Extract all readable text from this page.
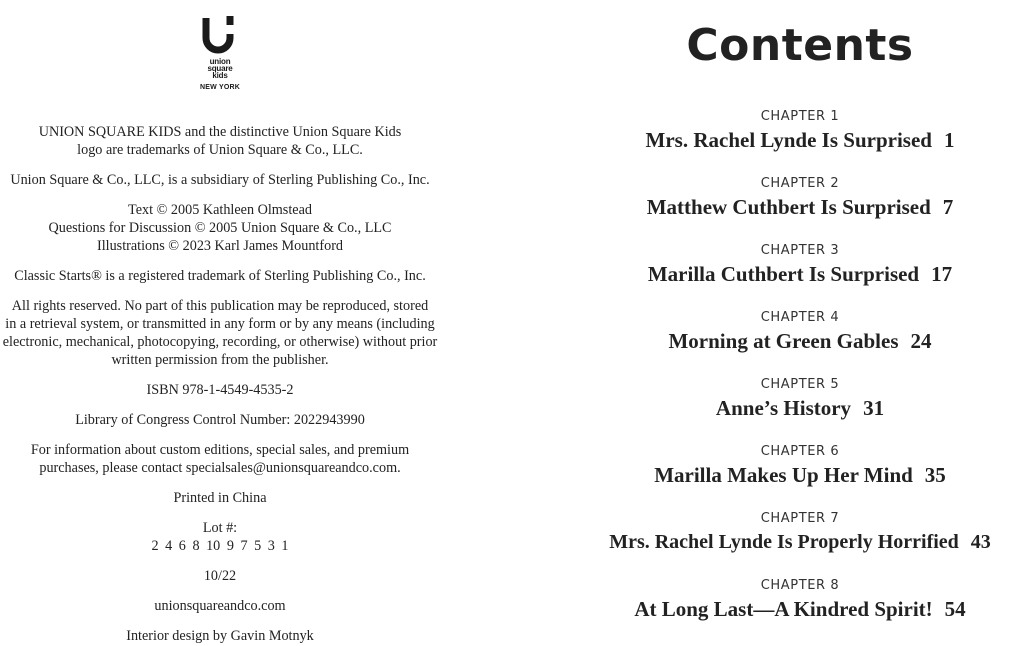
union
square
kids
NEW YORK
UNION SQUARE KIDS and the distinctive Union Square Kids
logo are trademarks of Union Square & Co., LLC.
Union Square & Co., LLC, is a subsidiary of Sterling Publishing Co., Inc.
Text © 2005 Kathleen Olmstead
Questions for Discussion © 2005 Union Square & Co., LLC
Illustrations © 2023 Karl James Mountford
Classic Starts® is a registered trademark of Sterling Publishing Co., Inc.
All rights reserved. No part of this publication may be reproduced, stored
in a retrieval system, or transmitted in any form or by any means (including
electronic, mechanical, photocopying, recording, or otherwise) without prior
written permission from the publisher.
ISBN 978-1-4549-4535-2
Library of Congress Control Number: 2022943990
For information about custom editions, special sales, and premium
purchases, please contact specialsales@unionsquareandco.com.
Printed in China
Lot #:
2 4 6 8 10 9 7 5 3 1
10/22
unionsquareandco.com
Interior design by Gavin Motnyk
Contents
CHAPTER 1
Mrs. Rachel Lynde Is Surprised 1
CHAPTER 2
Matthew Cuthbert Is Surprised 7
CHAPTER 3
Marilla Cuthbert Is Surprised 17
CHAPTER 4
Morning at Green Gables 24
CHAPTER 5
Anne’s History 31
CHAPTER 6
Marilla Makes Up Her Mind 35
CHAPTER 7
Mrs. Rachel Lynde Is Properly Horrified 43
CHAPTER 8
At Long Last—A Kindred Spirit! 54
